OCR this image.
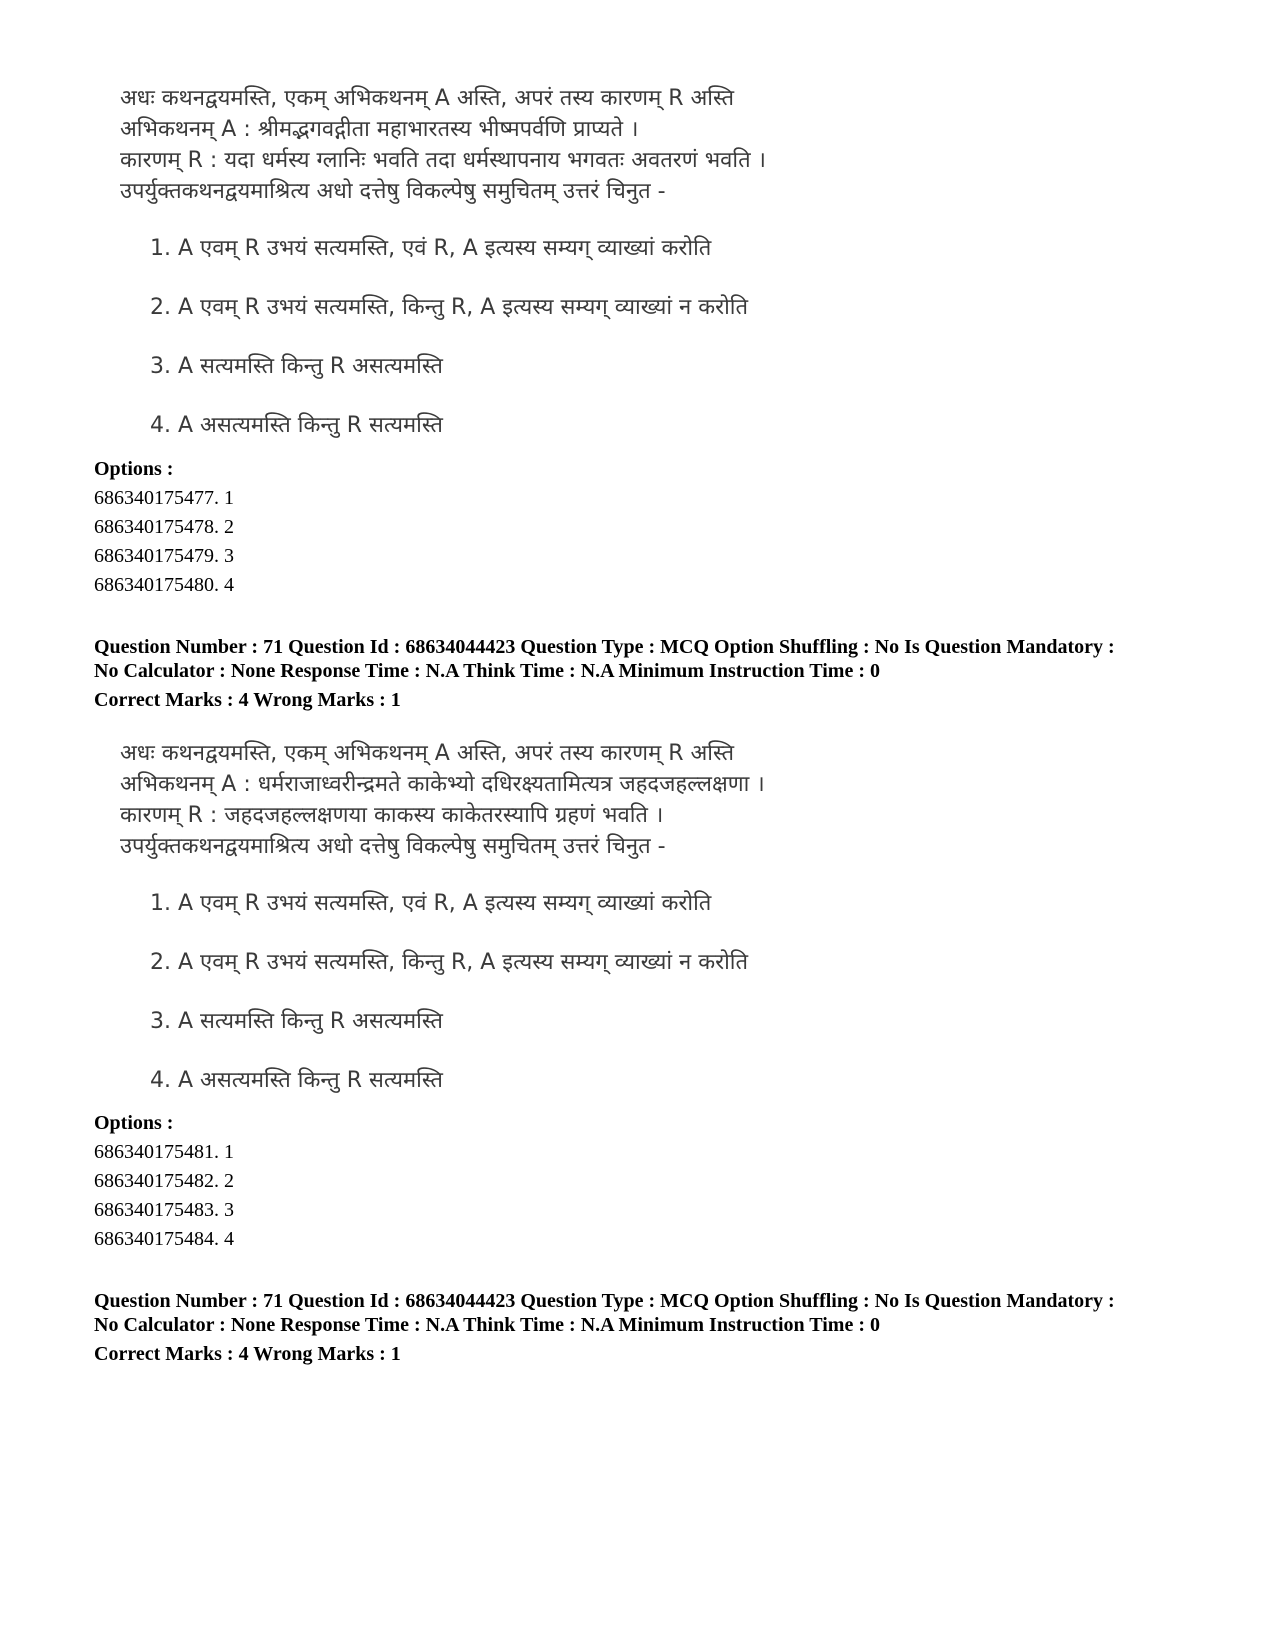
अधः कथनद्वयमस्ति, एकम् अभिकथनम् A अस्ति, अपरं तस्य कारणम् R अस्ति
अभिकथनम् A : श्रीमद्भगवद्गीता महाभारतस्य भीष्मपर्वणि प्राप्यते ।
कारणम् R : यदा धर्मस्य ग्लानिः भवति तदा धर्मस्थापनाय भगवतः अवतरणं भवति ।
उपर्युक्तकथनद्वयमाश्रित्य अधो दत्तेषु विकल्पेषु समुचितम् उत्तरं चिनुत -
1. A एवम् R उभयं सत्यमस्ति, एवं R, A इत्यस्य सम्यग् व्याख्यां करोति
2. A एवम् R उभयं सत्यमस्ति, किन्तु R, A इत्यस्य सम्यग् व्याख्यां न करोति
3. A सत्यमस्ति किन्तु R असत्यमस्ति
4. A असत्यमस्ति किन्तु R सत्यमस्ति
Options :
686340175477. 1
686340175478. 2
686340175479. 3
686340175480. 4
Question Number : 71 Question Id : 68634044423 Question Type : MCQ Option Shuffling : No Is Question Mandatory :
No Calculator : None Response Time : N.A Think Time : N.A Minimum Instruction Time : 0
Correct Marks : 4 Wrong Marks : 1
अधः कथनद्वयमस्ति, एकम् अभिकथनम् A अस्ति, अपरं तस्य कारणम् R अस्ति
अभिकथनम् A : धर्मराजाध्वरीन्द्रमते काकेभ्यो दधिरक्ष्यतामित्यत्र जहदजहल्लक्षणा ।
कारणम् R : जहदजहल्लक्षणया काकस्य काकेतरस्यापि ग्रहणं भवति ।
उपर्युक्तकथनद्वयमाश्रित्य अधो दत्तेषु विकल्पेषु समुचितम् उत्तरं चिनुत -
1. A एवम् R उभयं सत्यमस्ति, एवं R, A इत्यस्य सम्यग् व्याख्यां करोति
2. A एवम् R उभयं सत्यमस्ति, किन्तु R, A इत्यस्य सम्यग् व्याख्यां न करोति
3. A सत्यमस्ति किन्तु R असत्यमस्ति
4. A असत्यमस्ति किन्तु R सत्यमस्ति
Options :
686340175481. 1
686340175482. 2
686340175483. 3
686340175484. 4
Question Number : 71 Question Id : 68634044423 Question Type : MCQ Option Shuffling : No Is Question Mandatory :
No Calculator : None Response Time : N.A Think Time : N.A Minimum Instruction Time : 0
Correct Marks : 4 Wrong Marks : 1
